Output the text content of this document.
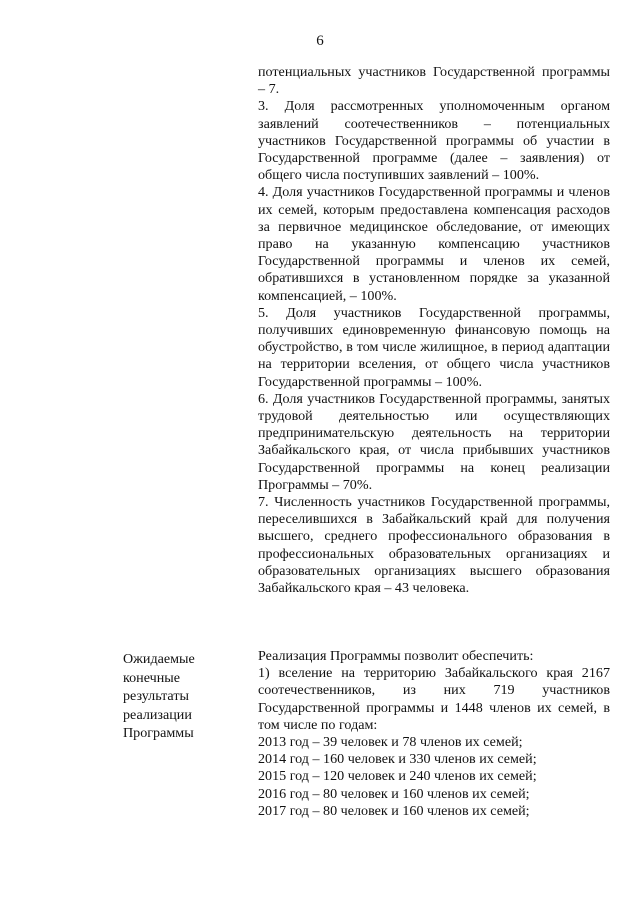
6

потенциальных участников Государственной программы – 7.

3. Доля рассмотренных уполномоченным органом заявлений соотечественников – потенциальных участников Государственной программы об участии в Государственной программе (далее – заявления) от общего числа поступивших заявлений – 100%.

4. Доля участников Государственной программы и членов их семей, которым предоставлена компенсация расходов за первичное медицинское обследование, от имеющих право на указанную компенсацию участников Государственной программы и членов их семей, обратившихся в установленном порядке за указанной компенсацией, – 100%.

5. Доля участников Государственной программы, получивших единовременную финансовую помощь на обустройство, в том числе жилищное, в период адаптации на территории вселения, от общего числа участников Государственной программы – 100%.

6. Доля участников Государственной программы, занятых трудовой деятельностью или осуществляющих предпринимательскую деятельность на территории Забайкальского края, от числа прибывших участников Государственной программы на конец реализации Программы – 70%.

7. Численность участников Государственной программы, переселившихся в Забайкальский край для получения высшего, среднего профессионального образования в профессиональных образовательных организациях и образовательных организациях высшего образования Забайкальского края – 43 человека.

Ожидаемые
конечные
результаты
реализации
Программы

Реализация Программы позволит обеспечить:

1) вселение на территорию Забайкальского края 2167 соотечественников, из них 719 участников Государственной программы и 1448 членов их семей, в том числе по годам:

2013 год – 39 человек и 78 членов их семей;

2014 год – 160 человек и 330 членов их семей;

2015 год – 120 человек и 240 членов их семей;

2016 год – 80 человек и 160 членов их семей;

2017 год – 80 человек и 160 членов их семей;
